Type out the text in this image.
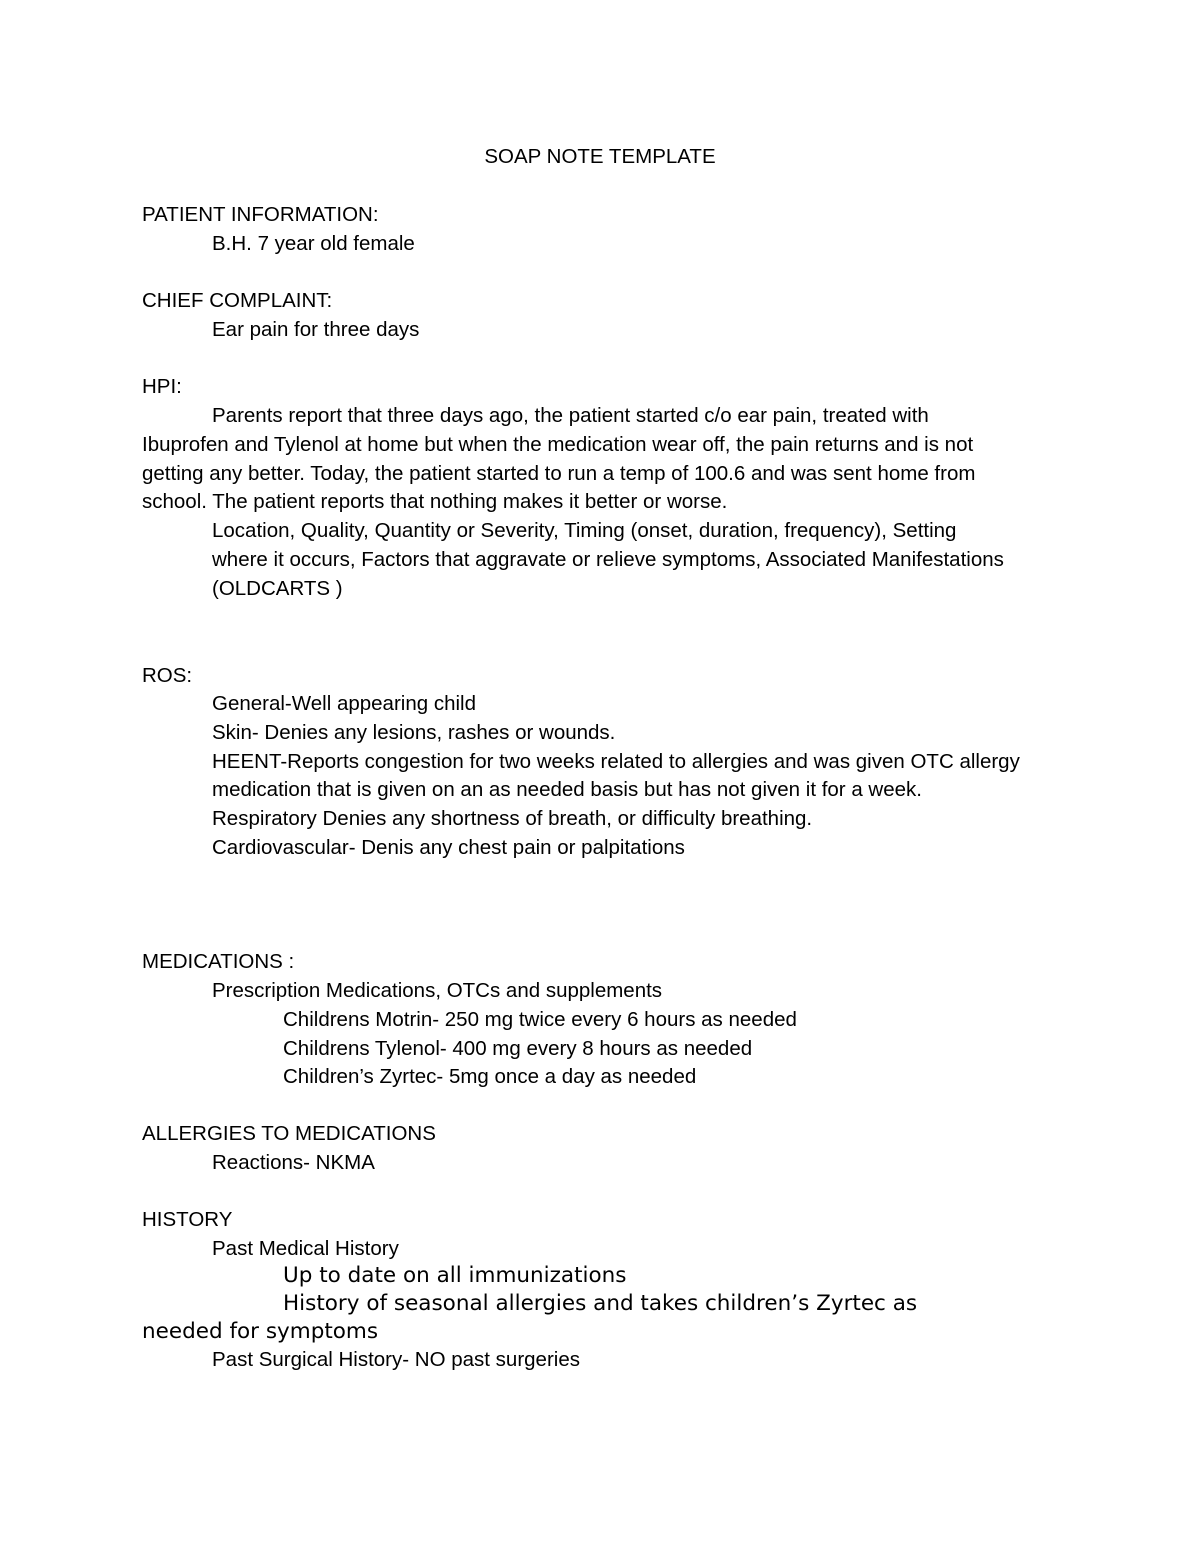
SOAP NOTE TEMPLATE
PATIENT INFORMATION:
B.H. 7 year old female
CHIEF COMPLAINT:
Ear pain for three days
HPI:
Parents report that three days ago, the patient started c/o ear pain, treated with
Ibuprofen and Tylenol at home but when the medication wear off, the pain returns and is not
getting any better. Today, the patient started to run a temp of 100.6 and was sent home from
school. The patient reports that nothing makes it better or worse.
Location, Quality, Quantity or Severity, Timing (onset, duration, frequency), Setting
where it occurs, Factors that aggravate or relieve symptoms, Associated Manifestations
(OLDCARTS )
ROS:
General-Well appearing child
Skin- Denies any lesions, rashes or wounds.
HEENT-Reports congestion for two weeks related to allergies and was given OTC allergy
medication that is given on an as needed basis but has not given it for a week.
Respiratory Denies any shortness of breath, or difficulty breathing.
Cardiovascular- Denis any chest pain or palpitations
MEDICATIONS :
Prescription Medications, OTCs and supplements
Childrens Motrin- 250 mg twice every 6 hours as needed
Childrens Tylenol- 400 mg every 8 hours as needed
Children’s Zyrtec- 5mg once a day as needed
ALLERGIES TO MEDICATIONS
Reactions- NKMA
HISTORY
Past Medical History
Up to date on all immunizations
History of seasonal allergies and takes children’s Zyrtec as
needed for symptoms
Past Surgical History- NO past surgeries
